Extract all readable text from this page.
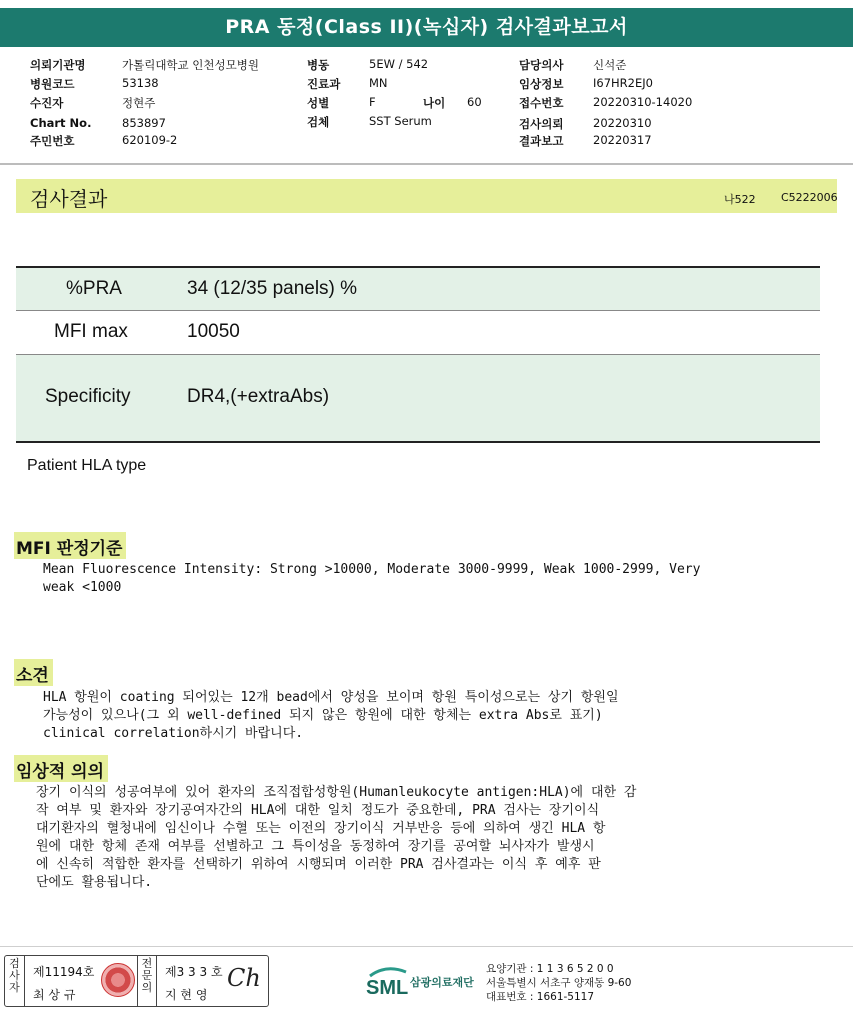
PRA 동정(Class II)(녹십자) 검사결과보고서
의뢰기관명	가톨릭대학교 인천성모병원
병원코드	53138
수진자	정현주
Chart No.	853897
주민번호	620109-2
병동	5EW / 542
진료과 MN
성별	F	나이 60
검체	SST Serum
담당의사	신석준
임상정보	I67HR2EJ0
접수번호	20220310-14020
검사의뢰	20220310
결과보고	20220317
검사결과	나522 C5222006
%PRA	34 (12/35 panels) %
MFI max	10050
Specificity	DR4,(+extraAbs)
Patient HLA type
MFI 판정기준
Mean Fluorescence Intensity: Strong >10000, Moderate 3000-9999, Weak 1000-2999, Very
weak <1000
소견
HLA 항원이 coating 되어있는 12개 bead에서 양성을 보이며 항원 특이성으로는 상기 항원일
가능성이 있으나(그 외 well-defined 되지 않은 항원에 대한 항체는 extra Abs로 표기)
clinical correlation하시기 바랍니다.
임상적 의의
장기 이식의 성공여부에 있어 환자의 조직접합성항원(Humanleukocyte antigen:HLA)에 대한 감
작 여부 및 환자와 장기공여자간의 HLA에 대한 일치 정도가 중요한데, PRA 검사는 장기이식
대기환자의 혈청내에 임신이나 수혈 또는 이전의 장기이식 거부반응 등에 의하여 생긴 HLA 항
원에 대한 항체 존재 여부를 선별하고 그 특이성을 동정하여 장기를 공여할 뇌사자가 발생시
에 신속히 적합한 환자를 선택하기 위하여 시행되며 이러한 PRA 검사결과는 이식 후 예후 판
단에도 활용됩니다.
검사자
제11194호
최 상 규
전문의
제3 3 3 호
지 현 영
Ch	SML 삼광의료재단
요양기관 : 1 1 3 6 5 2 0 0
서울특별시 서초구 양재동 9-60
대표번호 : 1661-5117
